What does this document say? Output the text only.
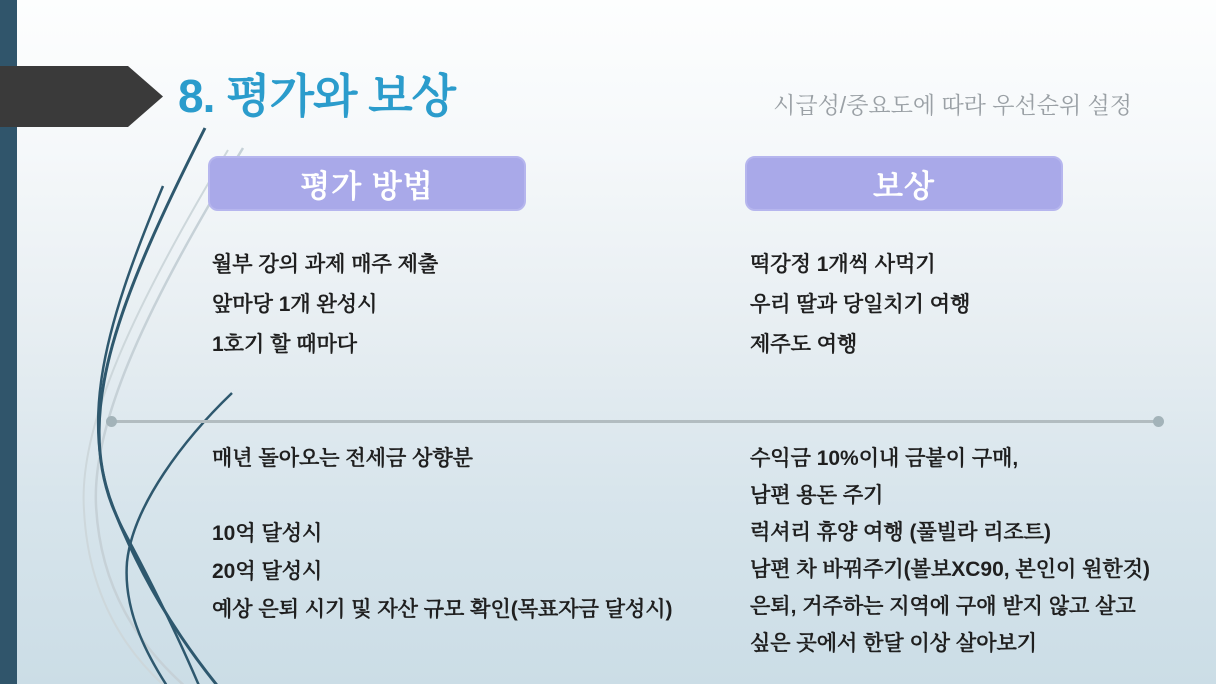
8. 평가와 보상	시급성/중요도에 따라 우선순위 설정
평가 방법	보상
월부 강의 과제 매주 제출
앞마당 1개 완성시
1호기 할 때마다
떡강정 1개씩 사먹기
우리 딸과 당일치기 여행
제주도 여행
매년 돌아오는 전세금 상향분
10억 달성시
20억 달성시
예상 은퇴 시기 및 자산 규모 확인(목표자금 달성시)
수익금 10%이내 금붙이 구매,
남편 용돈 주기
럭셔리 휴양 여행 (풀빌라 리조트)
남편 차 바꿔주기(볼보XC90, 본인이 원한것)
은퇴, 거주하는 지역에 구애 받지 않고 살고
싶은 곳에서 한달 이상 살아보기
